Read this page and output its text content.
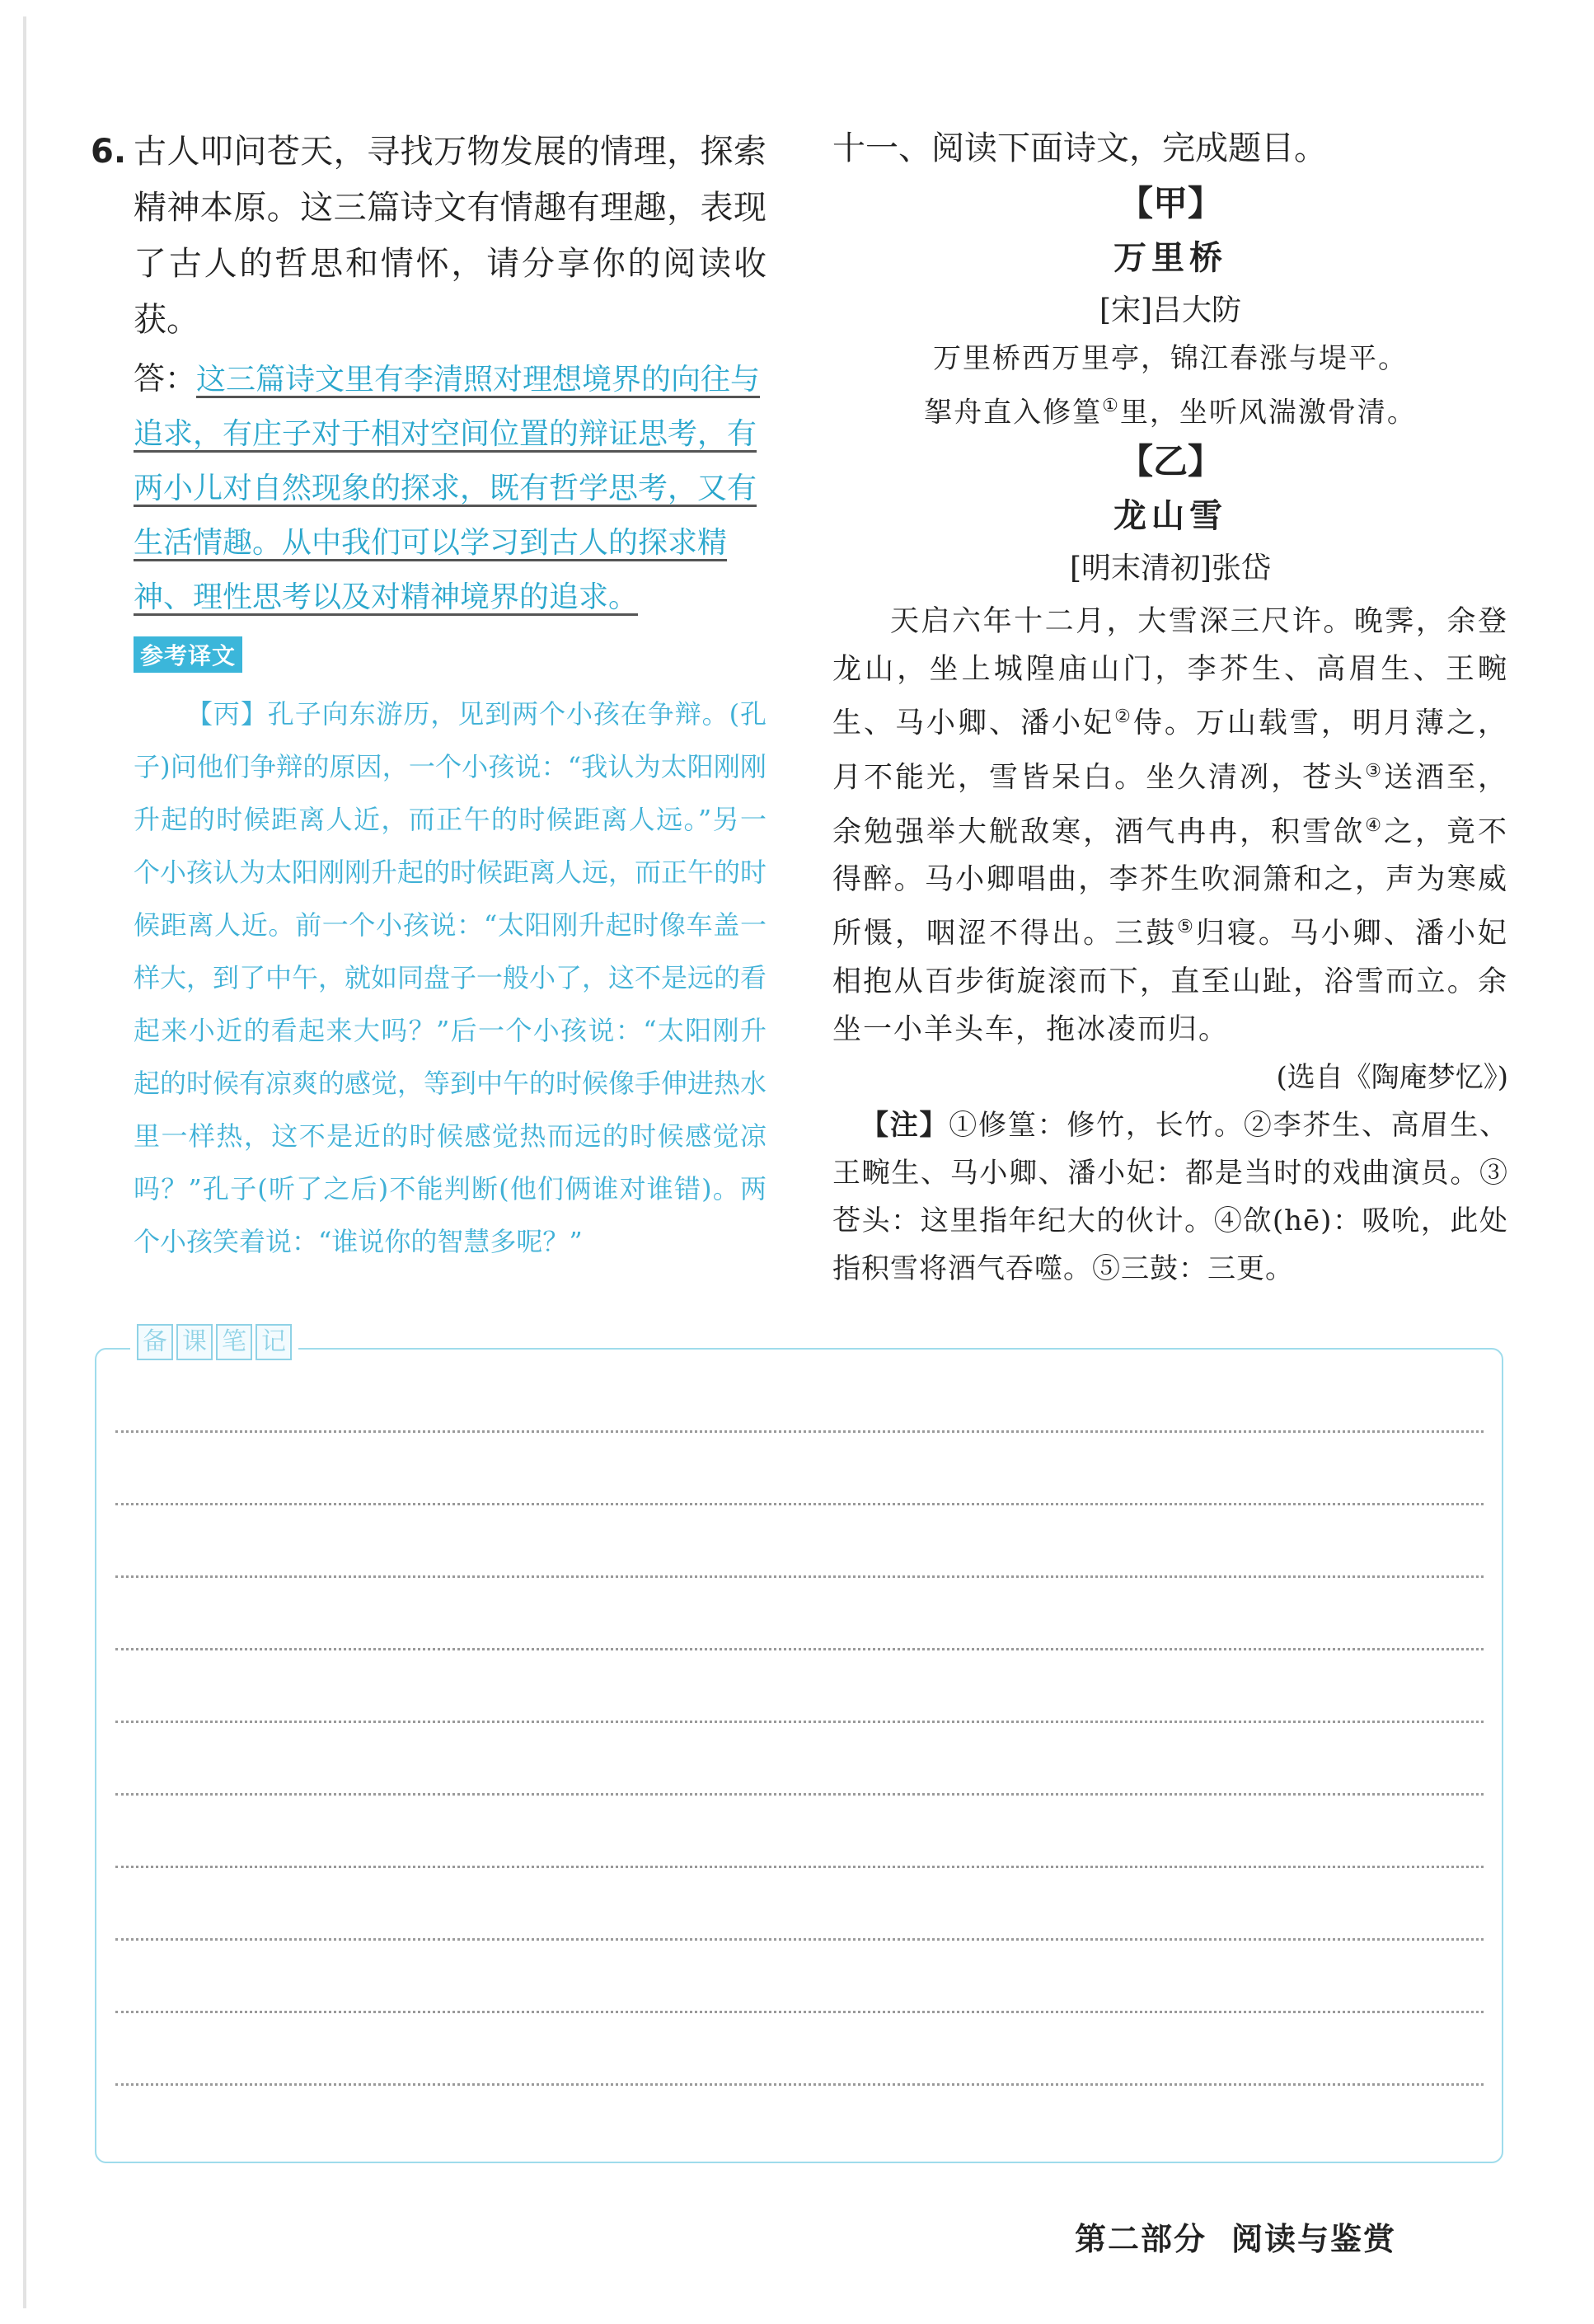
6. 古人叩问苍天，寻找万物发展的情理，探索精神本原。这三篇诗文有情趣有理趣，表现了古人的哲思和情怀，请分享你的阅读收获。

答：这三篇诗文里有李清照对理想境界的向往与追求，有庄子对于相对空间位置的辩证思考，有两小儿对自然现象的探求，既有哲学思考，又有生活情趣。从中我们可以学习到古人的探求精神、理性思考以及对精神境界的追求。
参考译文
【丙】孔子向东游历，见到两个小孩在争辩。(孔子)问他们争辩的原因，一个小孩说：“我认为太阳刚刚升起的时候距离人近，而正午的时候距离人远。”另一个小孩认为太阳刚刚升起的时候距离人远，而正午的时候距离人近。前一个小孩说：“太阳刚升起时像车盖一样大，到了中午，就如同盘子一般小了，这不是远的看起来小近的看起来大吗？”后一个小孩说：“太阳刚升起的时候有凉爽的感觉，等到中午的时候像手伸进热水里一样热，这不是近的时候感觉热而远的时候感觉凉吗？”孔子(听了之后)不能判断(他们俩谁对谁错)。两个小孩笑着说：“谁说你的智慧多呢？”

十一、阅读下面诗文，完成题目。

【甲】

万里桥

[宋]吕大防
万里桥西万里亭，锦江春涨与堤平。
挐舟直入修篁①里，坐听风湍激骨清。

【乙】

龙山雪

[明末清初]张岱
天启六年十二月，大雪深三尺许。晚霁，余登龙山，坐上城隍庙山门，李芥生、高眉生、王畹生、马小卿、潘小妃②侍。万山载雪，明月薄之，月不能光，雪皆呆白。坐久清冽，苍头③送酒至，余勉强举大觥敌寒，酒气冉冉，积雪欱④之，竟不得醉。马小卿唱曲，李芥生吹洞箫和之，声为寒威所慑，咽涩不得出。三鼓⑤归寝。马小卿、潘小妃相抱从百步街旋滚而下，直至山趾，浴雪而立。余坐一小羊头车，拖冰凌而归。
(选自《陶庵梦忆》)
【注】①修篁：修竹，长竹。②李芥生、高眉生、王畹生、马小卿、潘小妃：都是当时的戏曲演员。③苍头：这里指年纪大的伙计。④欱(hē)：吸吮，此处指积雪将酒气吞噬。⑤三鼓：三更。
备 课 笔 记
第二部分 阅读与鉴赏
